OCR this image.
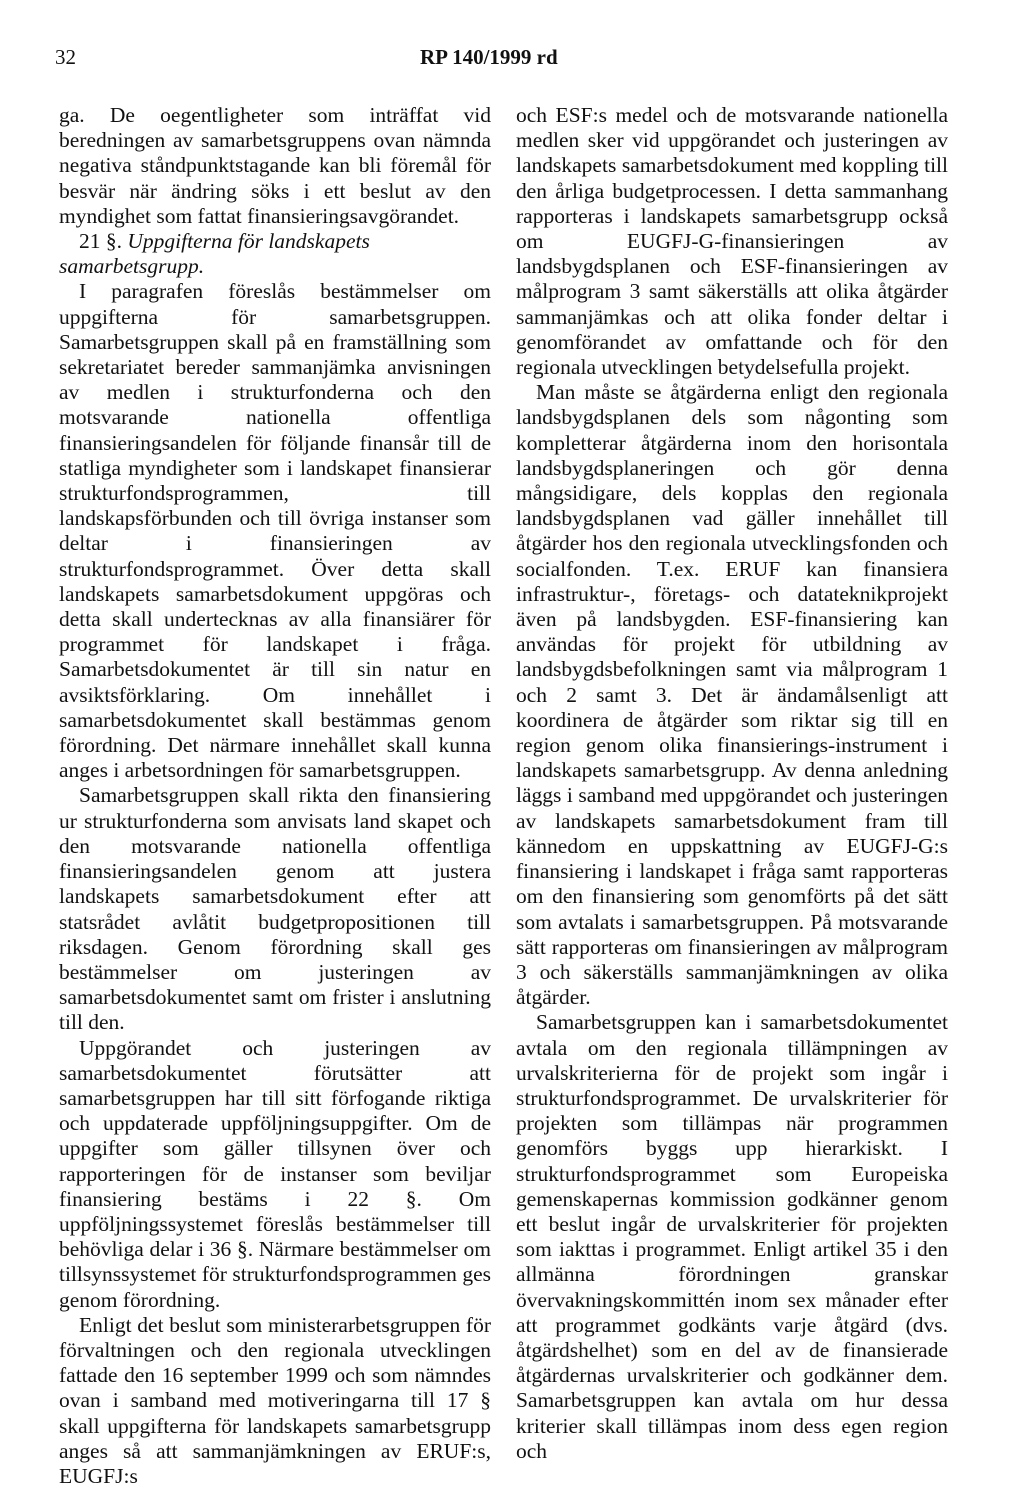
32	RP 140/1999 rd

ga. De oegentligheter som inträffat vid beredningen av samarbetsgruppens ovan nämnda negativa ståndpunktstagande kan bli föremål för besvär när ändring söks i ett beslut av den myndighet som fattat finansieringsavgörandet.

21 §. Uppgifterna för landskapets samarbetsgrupp.

I paragrafen föreslås bestämmelser om uppgifterna för samarbetsgruppen. Samarbetsgruppen skall på en framställning som sekretariatet bereder sammanjämka anvisningen av medlen i strukturfonderna och den motsvarande nationella offentliga finansieringsandelen för följande finansår till de statliga myndigheter som i landskapet finansierar strukturfondsprogrammen, till landskapsförbunden och till övriga instanser som deltar i finansieringen av strukturfondsprogrammet. Över detta skall landskapets samarbetsdokument uppgöras och detta skall undertecknas av alla finansiärer för programmet för landskapet i fråga. Samarbetsdokumentet är till sin natur en avsiktsförklaring. Om innehållet i samarbetsdokumentet skall bestämmas genom förordning. Det närmare innehållet skall kunna anges i arbetsordningen för samarbetsgruppen.

Samarbetsgruppen skall rikta den finansiering ur strukturfonderna som anvisats land skapet och den motsvarande nationella offentliga finansieringsandelen genom att justera landskapets samarbetsdokument efter att statsrådet avlåtit budgetpropositionen till riksdagen. Genom förordning skall ges bestämmelser om justeringen av samarbetsdokumentet samt om frister i anslutning till den.

Uppgörandet och justeringen av samarbetsdokumentet förutsätter att samarbetsgruppen har till sitt förfogande riktiga och uppdaterade uppföljningsuppgifter. Om de uppgifter som gäller tillsynen över och rapporteringen för de instanser som beviljar finansiering bestäms i 22 §. Om uppföljningssystemet föreslås bestämmelser till behövliga delar i 36 §. Närmare bestämmelser om tillsynssystemet för strukturfondsprogrammen ges genom förordning.

Enligt det beslut som ministerarbetsgruppen för förvaltningen och den regionala utvecklingen fattade den 16 september 1999 och som nämndes ovan i samband med motiveringarna till 17 § skall uppgifterna för landskapets samarbetsgrupp anges så att sammanjämkningen av ERUF:s, EUGFJ:s

och ESF:s medel och de motsvarande nationella medlen sker vid uppgörandet och justeringen av landskapets samarbetsdokument med koppling till den årliga budgetprocessen. I detta sammanhang rapporteras i landskapets samarbetsgrupp också om EUGFJ-G-finansieringen av landsbygdsplanen och ESF-finansieringen av målprogram 3 samt säkerställs att olika åtgärder sammanjämkas och att olika fonder deltar i genomförandet av omfattande och för den regionala utvecklingen betydelsefulla projekt.

Man måste se åtgärderna enligt den regionala landsbygdsplanen dels som någonting som kompletterar åtgärderna inom den horisontala landsbygdsplaneringen och gör denna mångsidigare, dels kopplas den regionala landsbygdsplanen vad gäller innehållet till åtgärder hos den regionala utvecklingsfonden och socialfonden. T.ex. ERUF kan finansiera infrastruktur-, företags- och datateknikprojekt även på landsbygden. ESF-finansiering kan användas för projekt för utbildning av landsbygdsbefolkningen samt via målprogram 1 och 2 samt 3. Det är ändamålsenligt att koordinera de åtgärder som riktar sig till en region genom olika finansierings-instrument i landskapets samarbetsgrupp. Av denna anledning läggs i samband med uppgörandet och justeringen av landskapets samarbetsdokument fram till kännedom en uppskattning av EUGFJ-G:s finansiering i landskapet i fråga samt rapporteras om den finansiering som genomförts på det sätt som avtalats i samarbetsgruppen. På motsvarande sätt rapporteras om finansieringen av målprogram 3 och säkerställs sammanjämkningen av olika åtgärder.

Samarbetsgruppen kan i samarbetsdokumentet avtala om den regionala tillämpningen av urvalskriterierna för de projekt som ingår i strukturfondsprogrammet. De urvalskriterier för projekten som tillämpas när programmen genomförs byggs upp hierarkiskt. I strukturfondsprogrammet som Europeiska gemenskapernas kommission godkänner genom ett beslut ingår de urvalskriterier för projekten som iakttas i programmet. Enligt artikel 35 i den allmänna förordningen granskar övervakningskommittén inom sex månader efter att programmet godkänts varje åtgärd (dvs. åtgärdshelhet) som en del av de finansierade åtgärdernas urvalskriterier och godkänner dem. Samarbetsgruppen kan avtala om hur dessa kriterier skall tillämpas inom dess egen region och
